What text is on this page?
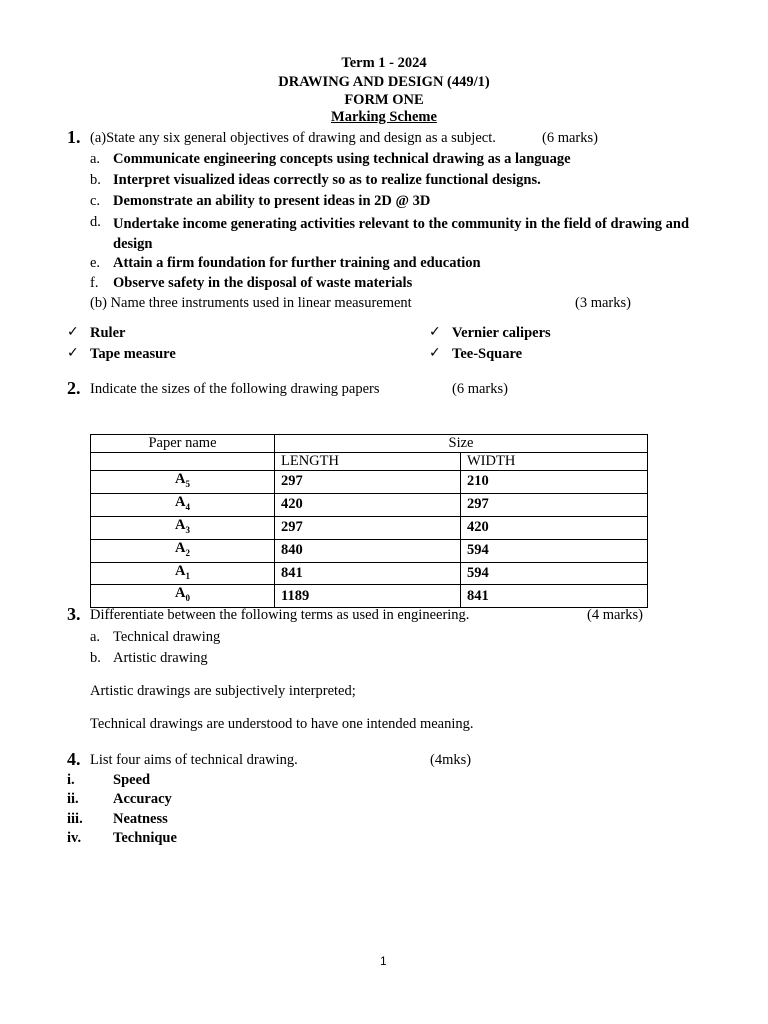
Term 1 - 2024
DRAWING AND DESIGN (449/1)
FORM ONE
Marking Scheme
1. (a)State any six general objectives of drawing and design as a subject.	(6 marks)
a. Communicate engineering concepts using technical drawing as a language
b. Interpret visualized ideas correctly so as to realize functional designs.
c. Demonstrate an ability to present ideas in 2D @ 3D
d. Undertake income generating activities relevant to the community in the field of drawing and design
e. Attain a firm foundation for further training and education
f. Observe safety in the disposal of waste materials
(b) Name three instruments used in linear measurement	(3 marks)
✓ Ruler	✓ Vernier calipers
✓ Tape measure	✓ Tee-Square
2. Indicate the sizes of the following drawing papers	(6 marks)
Paper name	Size	
	LENGTH	WIDTH
$A_5$	297	210
$A_4$	420	297
$A_3$	297	420
$A_2$	840	594
$A_1$	841	594
$A_0$	1189	841
3. Differentiate between the following terms as used in engineering.	(4 marks)
a. Technical drawing
b. Artistic drawing
Artistic drawings are subjectively interpreted;
Technical drawings are understood to have one intended meaning.
4. List four aims of technical drawing.	(4mks)
i.	Speed
ii. Accuracy
iii. Neatness
iv. Technique
1
